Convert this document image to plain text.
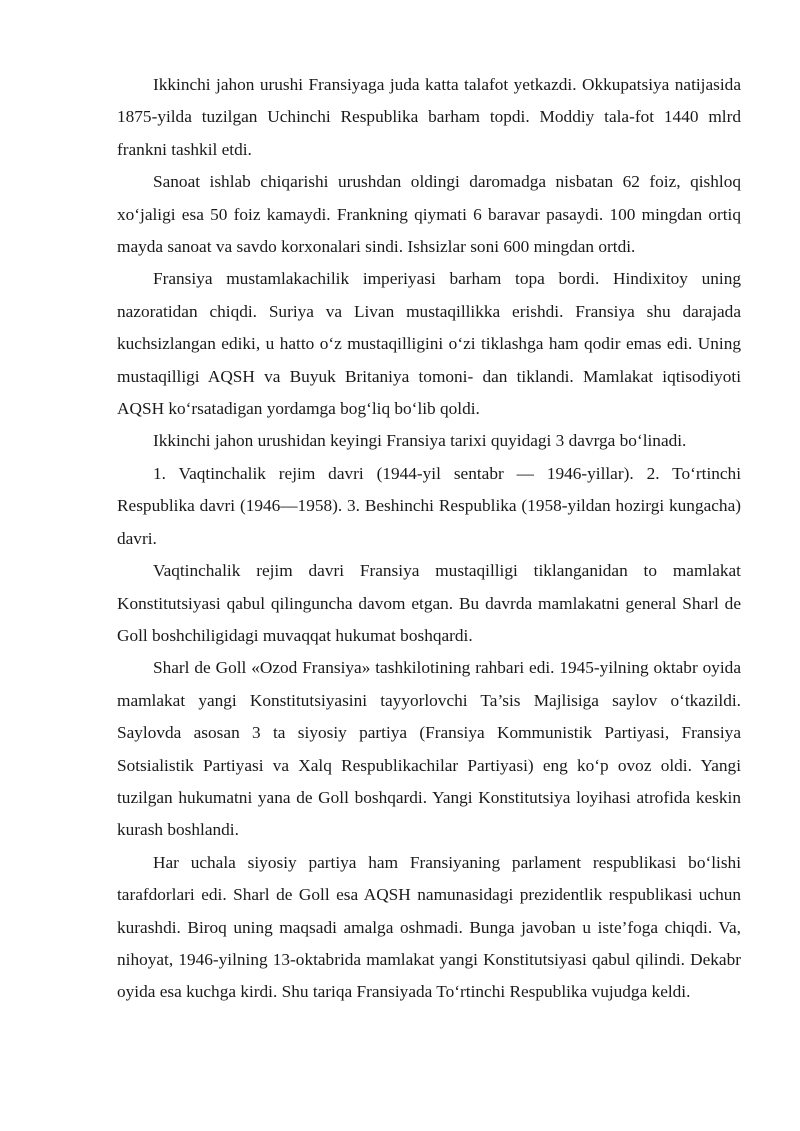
Ikkinchi jahon urushi Fransiyaga juda katta talafot yetkazdi. Okkupatsiya natijasida 1875-yilda tuzilgan Uchinchi Respublika barham topdi. Moddiy tala-fot 1440 mlrd frankni tashkil etdi.

Sanoat ishlab chiqarishi urushdan oldingi daromadga nisbatan 62 foiz, qishloq xo‘jaligi esa 50 foiz kamaydi. Frankning qiymati 6 baravar pasaydi. 100 mingdan ortiq mayda sanoat va savdo korxonalari sindi. Ishsizlar soni 600 mingdan ortdi.

Fransiya mustamlakachilik imperiyasi barham topa bordi. Hindixitoy uning nazoratidan chiqdi. Suriya va Livan mustaqillikka erishdi. Fransiya shu darajada kuchsizlangan ediki, u hatto o‘z mustaqilligini o‘zi tiklashga ham qodir emas edi. Uning mustaqilligi AQSH va Buyuk Britaniya tomoni- dan tiklandi. Mamlakat iqtisodiyoti AQSH ko‘rsatadigan yordamga bog‘liq bo‘lib qoldi.

Ikkinchi jahon urushidan keyingi Fransiya tarixi quyidagi 3 davrga bo‘linadi.

1. Vaqtinchalik rejim davri (1944-yil sentabr — 1946-yillar). 2. To‘rtinchi Respublika davri (1946—1958). 3. Beshinchi Respublika (1958-yildan hozirgi kungacha) davri.

Vaqtinchalik rejim davri Fransiya mustaqilligi tiklanganidan to mamlakat Konstitutsiyasi qabul qilinguncha davom etgan. Bu davrda mamlakatni general Sharl de Goll boshchiligidagi muvaqqat hukumat boshqardi.

Sharl de Goll «Ozod Fransiya» tashkilotining rahbari edi. 1945-yilning oktabr oyida mamlakat yangi Konstitutsiyasini tayyorlovchi Ta’sis Majlisiga saylov o‘tkazildi. Saylovda asosan 3 ta siyosiy partiya (Fransiya Kommunistik Partiyasi, Fransiya Sotsialistik Partiyasi va Xalq Respublikachilar Partiyasi) eng ko‘p ovoz oldi. Yangi tuzilgan hukumatni yana de Goll boshqardi. Yangi Konstitutsiya loyihasi atrofida keskin kurash boshlandi.

Har uchala siyosiy partiya ham Fransiyaning parlament respublikasi bo‘lishi tarafdorlari edi. Sharl de Goll esa AQSH namunasidagi prezidentlik respublikasi uchun kurashdi. Biroq uning maqsadi amalga oshmadi. Bunga javoban u iste’foga chiqdi. Va, nihoyat, 1946-yilning 13-oktabrida mamlakat yangi Konstitutsiyasi qabul qilindi. Dekabr oyida esa kuchga kirdi. Shu tariqa Fransiyada To‘rtinchi Respublika vujudga keldi.
